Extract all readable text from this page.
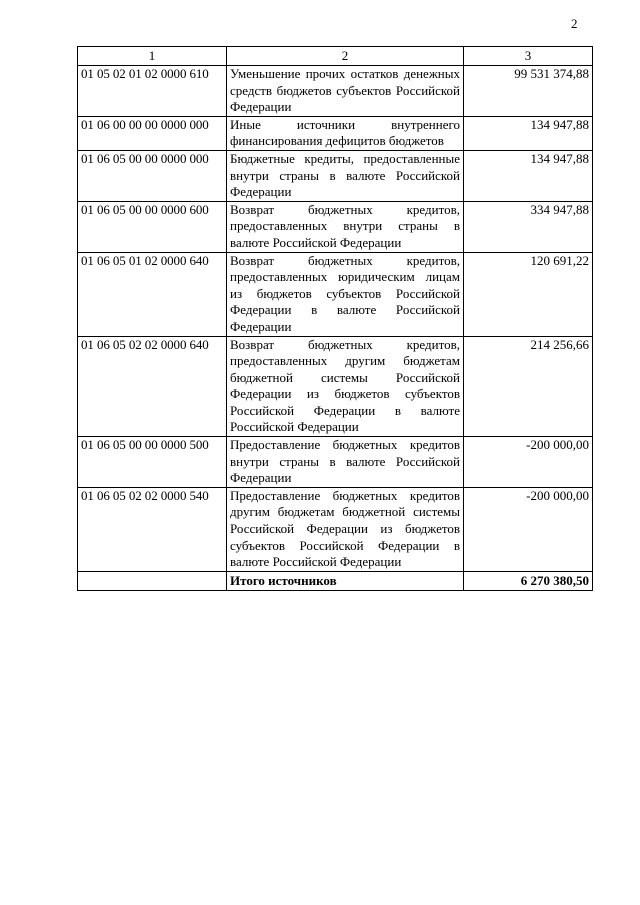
2
1	2	3
01 05 02 01 02 0000 610	Уменьшение прочих остатков денежных средств бюджетов субъектов Российской Федерации	99 531 374,88
01 06 00 00 00 0000 000	Иные источники внутреннего финансирования дефицитов бюджетов	134 947,88
01 06 05 00 00 0000 000	Бюджетные кредиты, предоставленные внутри страны в валюте Российской Федерации	134 947,88
01 06 05 00 00 0000 600	Возврат бюджетных кредитов, предоставленных внутри страны в валюте Российской Федерации	334 947,88
01 06 05 01 02 0000 640	Возврат бюджетных кредитов, предоставленных юридическим лицам из бюджетов субъектов Российской Федерации в валюте Российской Федерации	120 691,22
01 06 05 02 02 0000 640	Возврат бюджетных кредитов, предоставленных другим бюджетам бюджетной системы Российской Федерации из бюджетов субъектов Российской Федерации в валюте Российской Федерации	214 256,66
01 06 05 00 00 0000 500	Предоставление бюджетных кредитов внутри страны в валюте Российской Федерации	-200 000,00
01 06 05 02 02 0000 540	Предоставление бюджетных кредитов другим бюджетам бюджетной системы Российской Федерации из бюджетов субъектов Российской Федерации в валюте Российской Федерации	-200 000,00
	Итого источников	6 270 380,50
